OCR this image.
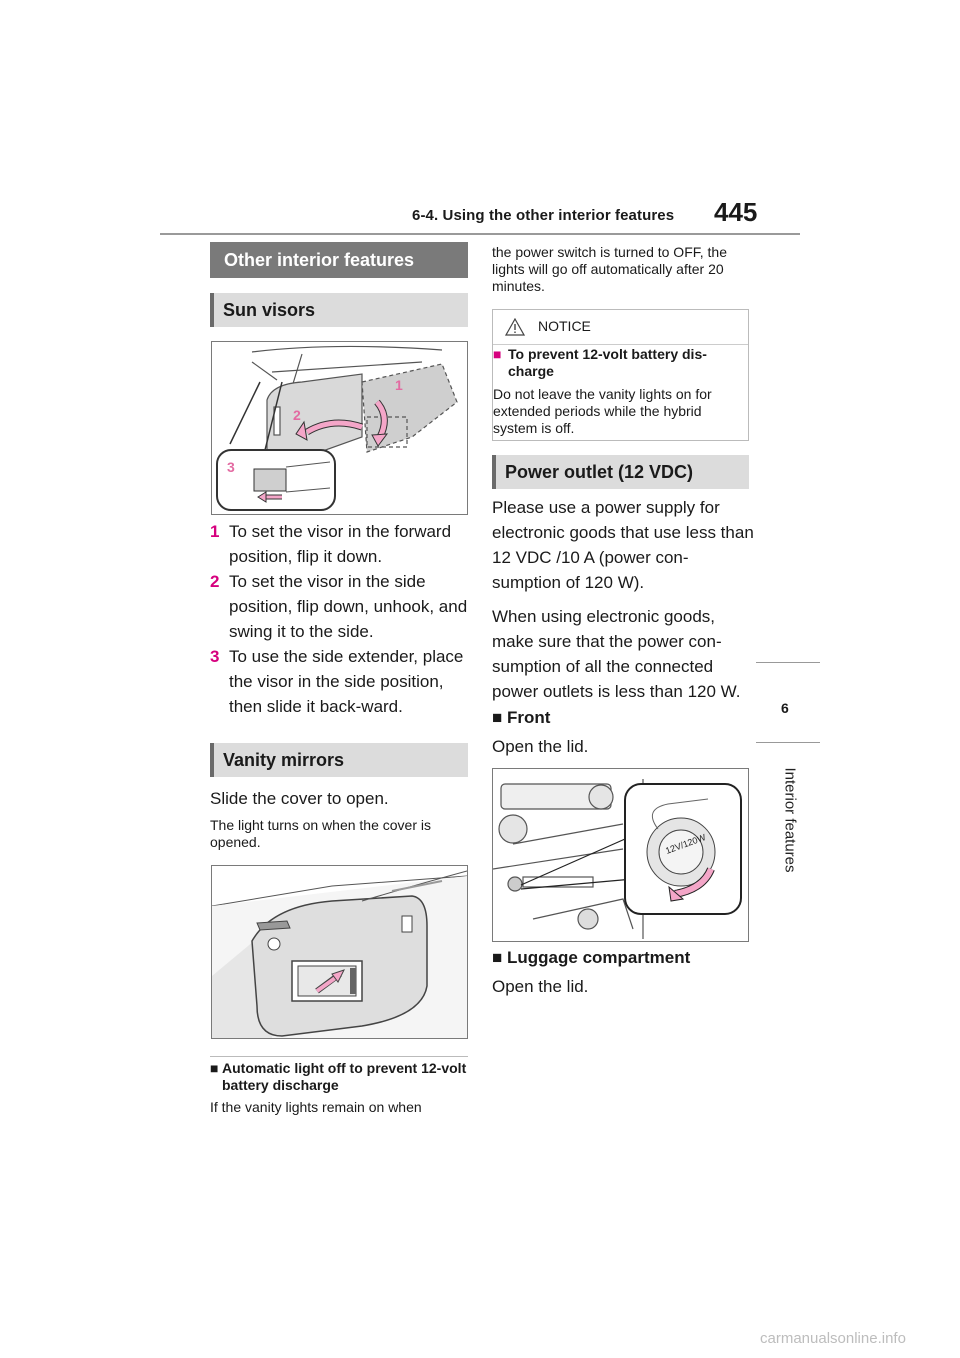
6-4. Using the other interior features 445
6
Interior features
Other interior features
Sun visors
1
2
3
1 To set the visor in the forward position, flip it down.
2 To set the visor in the side position, flip down, unhook, and swing it to the side.
3 To use the side extender, place the visor in the side position, then slide it back-ward.
Vanity mirrors
Slide the cover to open.
The light turns on when the cover is opened.
■ Automatic light off to prevent 12-volt battery discharge
If the vanity lights remain on when
the power switch is turned to OFF, the lights will go off automatically after 20 minutes.
NOTICE
■ To prevent 12-volt battery dis-charge
Do not leave the vanity lights on for extended periods while the hybrid system is off.
Power outlet (12 VDC)
Please use a power supply for electronic goods that use less than 12 VDC /10 A (power con-sumption of 120 W).
When using electronic goods, make sure that the power con-sumption of all the connected power outlets is less than 120 W.
■ Front
Open the lid.
12V/120W
■ Luggage compartment
Open the lid.
carmanualsonline.info
